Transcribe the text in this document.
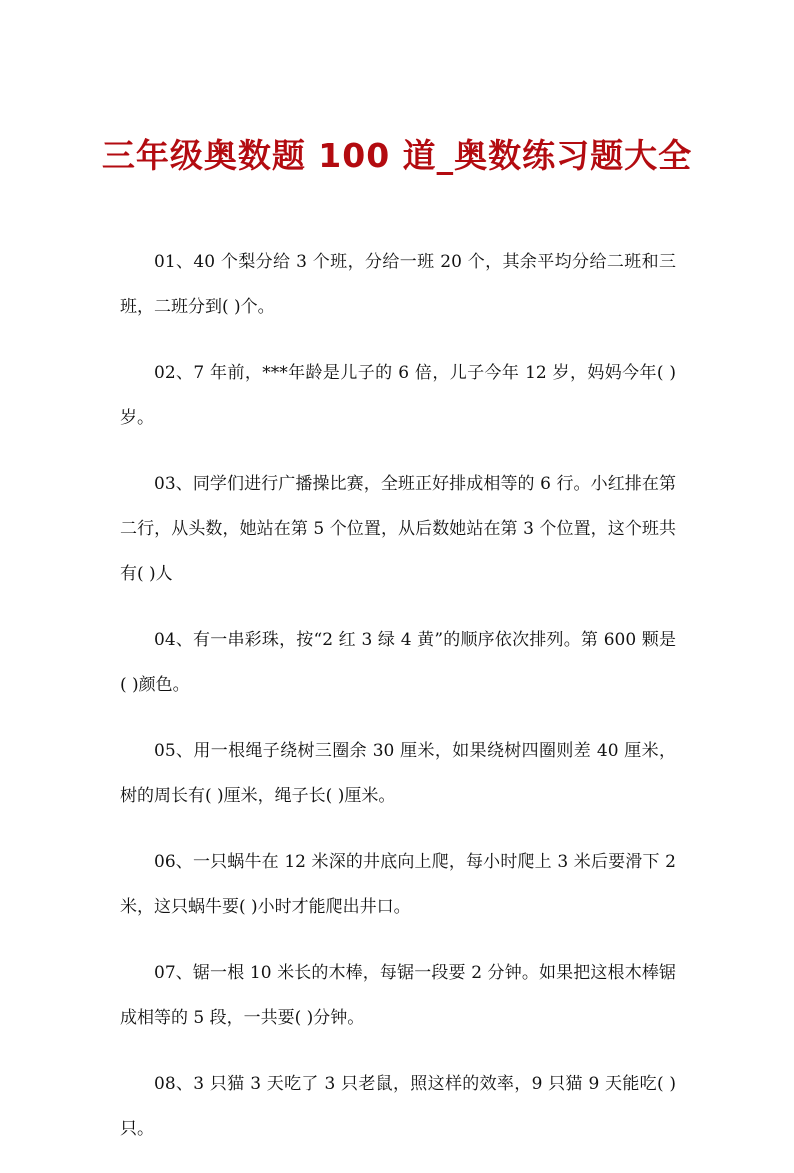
三年级奥数题 100 道_奥数练习题大全

01、40 个梨分给 3 个班，分给一班 20 个，其余平均分给二班和三班，二班分到( )个。

02、7 年前，***年龄是儿子的 6 倍，儿子今年 12 岁，妈妈今年( )岁。

03、同学们进行广播操比赛，全班正好排成相等的 6 行。小红排在第二行，从头数，她站在第 5 个位置，从后数她站在第 3 个位置，这个班共有( )人

04、有一串彩珠，按“2 红 3 绿 4 黄”的顺序依次排列。第 600 颗是( )颜色。

05、用一根绳子绕树三圈余 30 厘米，如果绕树四圈则差 40 厘米，树的周长有( )厘米，绳子长( )厘米。

06、一只蜗牛在 12 米深的井底向上爬，每小时爬上 3 米后要滑下 2 米，这只蜗牛要( )小时才能爬出井口。

07、锯一根 10 米长的木棒，每锯一段要 2 分钟。如果把这根木棒锯成相等的 5 段，一共要( )分钟。

08、3 只猫 3 天吃了 3 只老鼠，照这样的效率，9 只猫 9 天能吃( ) 只。
